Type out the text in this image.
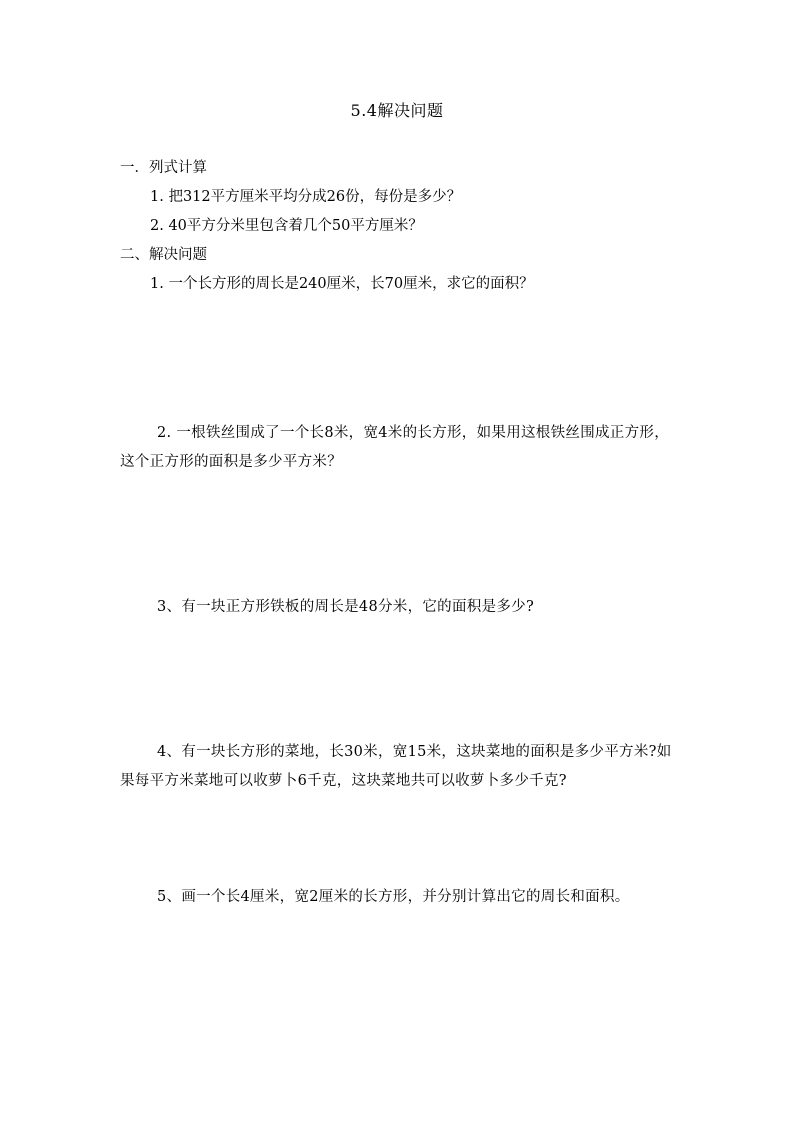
5.4解决问题
一．列式计算
1. 把312平方厘米平均分成26份，每份是多少？
2. 40平方分米里包含着几个50平方厘米？
二、解决问题
1. 一个长方形的周长是240厘米，长70厘米，求它的面积？
2. 一根铁丝围成了一个长8米，宽4米的长方形，如果用这根铁丝围成正方形，这个正方形的面积是多少平方米？
3、有一块正方形铁板的周长是48分米，它的面积是多少?
4、有一块长方形的菜地，长30米，宽15米，这块菜地的面积是多少平方米?如果每平方米菜地可以收萝卜6千克，这块菜地共可以收萝卜多少千克?
5、画一个长4厘米，宽2厘米的长方形，并分别计算出它的周长和面积。
